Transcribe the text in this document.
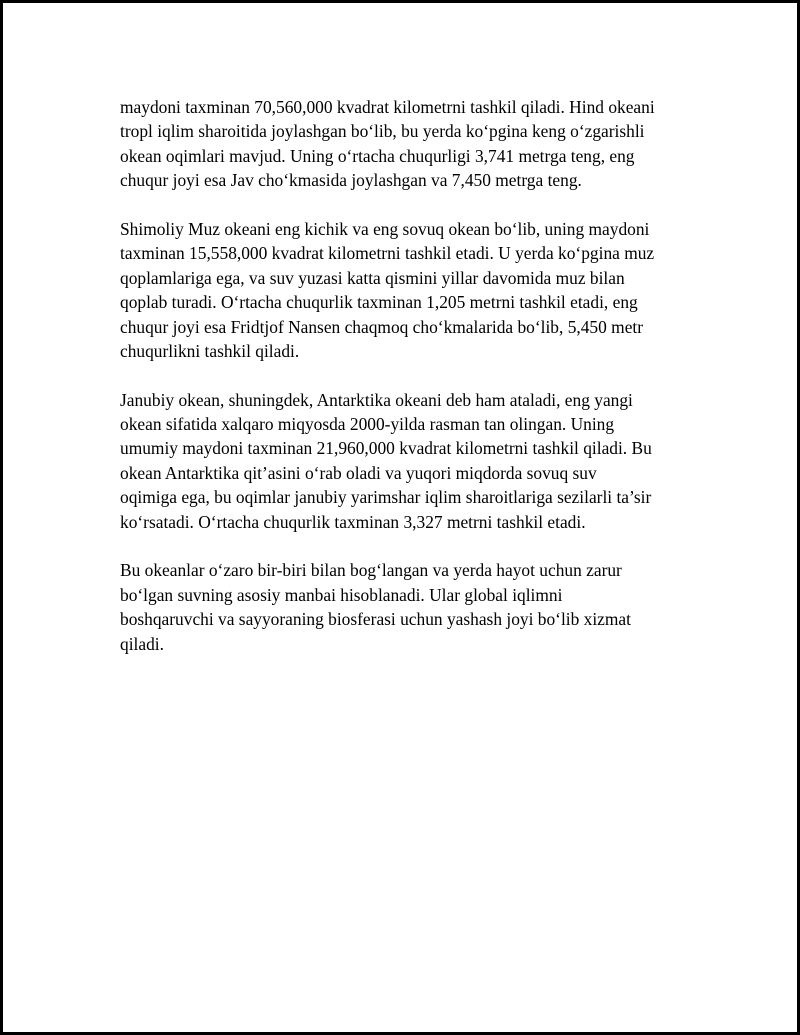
maydoni taxminan 70,560,000 kvadrat kilometrni tashkil qiladi. Hind okeani
tropl iqlim sharoitida joylashgan bo‘lib, bu yerda ko‘pgina keng o‘zgarishli
okean oqimlari mavjud. Uning o‘rtacha chuqurligi 3,741 metrga teng, eng
chuqur joyi esa Jav cho‘kmasida joylashgan va 7,450 metrga teng.

Shimoliy Muz okeani eng kichik va eng sovuq okean bo‘lib, uning maydoni
taxminan 15,558,000 kvadrat kilometrni tashkil etadi. U yerda ko‘pgina muz
qoplamlariga ega, va suv yuzasi katta qismini yillar davomida muz bilan
qoplab turadi. O‘rtacha chuqurlik taxminan 1,205 metrni tashkil etadi, eng
chuqur joyi esa Fridtjof Nansen chaqmoq cho‘kmalarida bo‘lib, 5,450 metr
chuqurlikni tashkil qiladi.

Janubiy okean, shuningdek, Antarktika okeani deb ham ataladi, eng yangi
okean sifatida xalqaro miqyosda 2000-yilda rasman tan olingan. Uning
umumiy maydoni taxminan 21,960,000 kvadrat kilometrni tashkil qiladi. Bu
okean Antarktika qit’asini o‘rab oladi va yuqori miqdorda sovuq suv
oqimiga ega, bu oqimlar janubiy yarimshar iqlim sharoitlariga sezilarli ta’sir
ko‘rsatadi. O‘rtacha chuqurlik taxminan 3,327 metrni tashkil etadi.

Bu okeanlar o‘zaro bir-biri bilan bog‘langan va yerda hayot uchun zarur
bo‘lgan suvning asosiy manbai hisoblanadi. Ular global iqlimni
boshqaruvchi va sayyoraning biosferasi uchun yashash joyi bo‘lib xizmat
qiladi.
